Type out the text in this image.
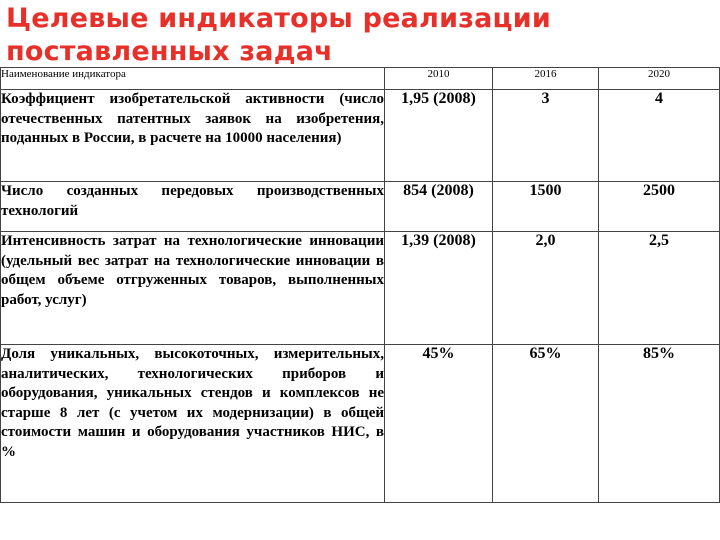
Целевые индикаторы реализации поставленных задач
Наименование индикатора	2010	2016	2020
Коэффициент изобретательской активности (число отечественных патентных заявок на изобретения, поданных в России, в расчете на 10000 населения)	1,95 (2008)	3	4
Число созданных передовых производственных технологий	854 (2008)	1500	2500
Интенсивность затрат на технологические инновации (удельный вес затрат на технологические инновации в общем объеме отгруженных товаров, выполненных работ, услуг)	1,39 (2008)	2,0	2,5
Доля уникальных, высокоточных, измерительных, аналитических, технологических приборов и оборудования, уникальных стендов и комплексов не старше 8 лет (с учетом их модернизации) в общей стоимости машин и оборудования участников НИС, в %	45%	65%	85%
